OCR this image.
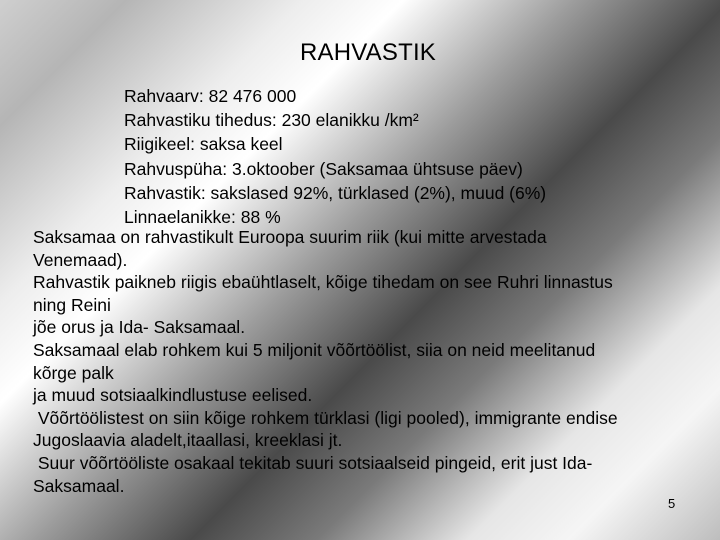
RAHVASTIK
Rahvaarv: 82 476 000
Rahvastiku tihedus: 230 elanikku /km²
Riigikeel: saksa keel
Rahvuspüha: 3.oktoober (Saksamaa ühtsuse päev)
Rahvastik: sakslased 92%, türklased (2%), muud (6%)
Linnaelanikke: 88 %
Saksamaa on rahvastikult Euroopa suurim riik (kui mitte arvestada
Venemaad).
Rahvastik paikneb riigis ebaühtlaselt, kõige tihedam on see Ruhri linnastus
ning Reini
jõe orus ja Ida- Saksamaal.
Saksamaal elab rohkem kui 5 miljonit võõrtöölist, siia on neid meelitanud
kõrge palk
ja muud sotsiaalkindlustuse eelised.
Võõrtöölistest on siin kõige rohkem türklasi (ligi pooled), immigrante endise
Jugoslaavia aladelt,itaallasi, kreeklasi jt.
Suur võõrtööliste osakaal tekitab suuri sotsiaalseid pingeid, erit just Ida-
Saksamaal.
5
